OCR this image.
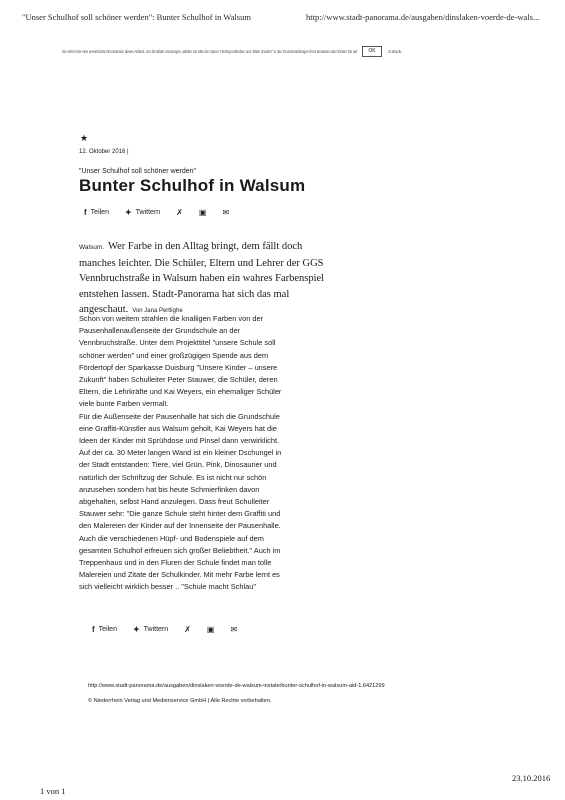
"Unser Schulhof soll schöner werden": Bunter Schulhof in Walsum	http://www.stadt-panorama.de/ausgaben/dinslaken-voerde-de-wals...
Sie sehen hier eine vereinfachte Druckversion dieses Artikels. Um die Bilder anzuzeigen, wählen Sie bitte die Option "Hintergrundfarben und -bilder drucken" in den Druckeinstellungen Ihres Browsers oder klicken Sie auf	OK	zurück.
★
12. Oktober 2016 |
"Unser Schulhof soll schöner werden"
Bunter Schulhof in Walsum
f Teilen ✦ Twittern ✗ ▣ ✉
Walsum. Wer Farbe in den Alltag bringt, dem fällt doch manches leichter. Die Schüler, Eltern und Lehrer der GGS Vennbruchstraße in Walsum haben ein wahres Farbenspiel entstehen lassen. Stadt-Panorama hat sich das mal angeschaut. Von Jana Pertlighe
Schon von weitem strahlen die knalligen Farben von der
Pausenhallenaußenseite der Grundschule an der
Vennbruchstraße. Unter dem Projekttitel "unsere Schule soll
schöner werden" und einer großzügigen Spende aus dem
Fördertopf der Sparkasse Duisburg "Unsere Kinder – unsere
Zukunft" haben Schulleiter Peter Stauwer, die Schüler, deren
Eltern, die Lehrkräfte und Kai Weyers, ein ehemaliger Schüler
viele bunte Farben vermalt.
Für die Außenseite der Pausenhalle hat sich die Grundschule
eine Graffiti-Künstler aus Walsum geholt, Kai Weyers hat die
Ideen der Kinder mit Sprühdose und Pinsel dann verwirklicht.
Auf der ca. 30 Meter langen Wand ist ein kleiner Dschungel in
der Stadt entstanden: Tiere, viel Grün, Pink, Dinosaurier und
natürlich der Schriftzug der Schule. Es ist nicht nur schön
anzusehen sondern hat bis heute Schmierfinken davon
abgehalten, selbst Hand anzulegen. Dass freut Schulleiter
Stauwer sehr: "Die ganze Schule steht hinter dem Graffiti und
den Malereien der Kinder auf der Innenseite der Pausenhalle.
Auch die verschiedenen Hüpf- und Bodenspiele auf dem
gesamten Schulhof erfreuen sich großer Beliebtheit." Auch im
Treppenhaus und in den Fluren der Schule findet man tolle
Malereien und Zitate der Schulkinder. Mit mehr Farbe lernt es
sich vielleicht wirklich besser .. "Schule macht Schlau"
f Teilen ✦ Twittern ✗ ▣ ✉
http://www.stadt-panorama.de/ausgaben/dinslaken-voerde-de-walsum-instate/bunter-schulhof-in-walsum-aid-1.6421299
© Niederrhein Verlag und Medienservice GmbH | Alle Rechte vorbehalten.
1 von 1
23.10.2016
